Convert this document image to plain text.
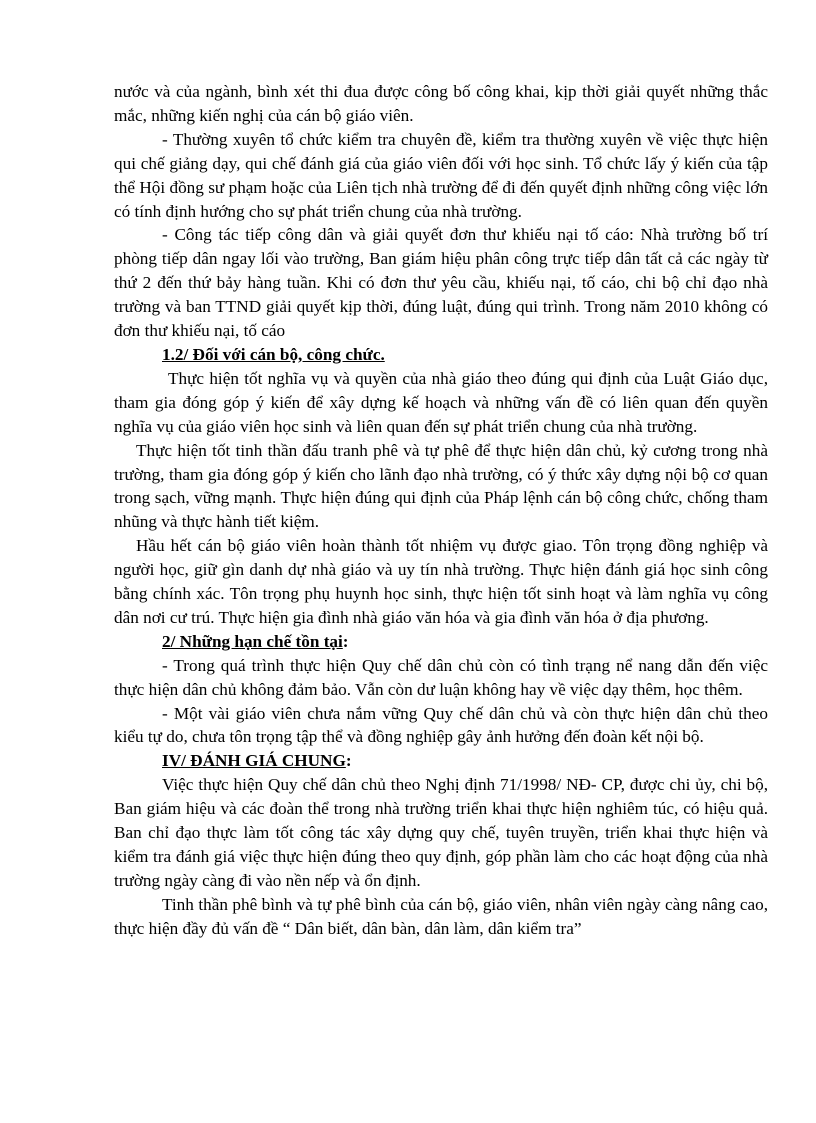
nước và của ngành, bình xét thi đua được công bố công khai, kịp thời giải quyết những thắc mắc, những kiến nghị của cán bộ giáo viên.

- Thường xuyên tổ chức kiểm tra chuyên đề, kiểm tra thường xuyên về việc thực hiện qui chế giảng dạy, qui chế đánh giá của giáo viên đối với học sinh. Tổ chức lấy ý kiến của tập thể Hội đồng sư phạm hoặc của Liên tịch nhà trường để đi đến quyết định những công việc lớn có tính định hướng cho sự phát triển chung của nhà trường.

- Công tác tiếp công dân và giải quyết đơn thư khiếu nại tố cáo: Nhà trường bố trí phòng tiếp dân ngay lối vào trường, Ban giám hiệu phân công trực tiếp dân tất cả các ngày từ thứ 2 đến thứ bảy hàng tuần. Khi có đơn thư yêu cầu, khiếu nại, tố cáo, chi bộ chỉ đạo nhà trường và ban TTND giải quyết kịp thời, đúng luật, đúng qui trình. Trong năm 2010 không có đơn thư khiếu nại, tố cáo

1.2/ Đối với cán bộ, công chức.

Thực hiện tốt nghĩa vụ và quyền của nhà giáo theo đúng qui định của Luật Giáo dục, tham gia đóng góp ý kiến để xây dựng kế hoạch và những vấn đề có liên quan đến quyền nghĩa vụ của giáo viên học sinh và liên quan đến sự phát triển chung của nhà trường.

Thực hiện tốt tinh thần đấu tranh phê và tự phê để thực hiện dân chủ, kỷ cương trong nhà trường, tham gia đóng góp ý kiến cho lãnh đạo nhà trường, có ý thức xây dựng nội bộ cơ quan trong sạch, vững mạnh. Thực hiện đúng qui định của Pháp lệnh cán bộ công chức, chống tham nhũng và thực hành tiết kiệm.

Hầu hết cán bộ giáo viên hoàn thành tốt nhiệm vụ được giao. Tôn trọng đồng nghiệp và người học, giữ gìn danh dự nhà giáo và uy tín nhà trường. Thực hiện đánh giá học sinh công bằng chính xác. Tôn trọng phụ huynh học sinh, thực hiện tốt sinh hoạt và làm nghĩa vụ công dân nơi cư trú. Thực hiện gia đình nhà giáo văn hóa và gia đình văn hóa ở địa phương.

2/ Những hạn chế tồn tại:

- Trong quá trình thực hiện Quy chế dân chủ còn có tình trạng nể nang dẫn đến việc thực hiện dân chủ không đảm bảo. Vẫn còn dư luận không hay về việc dạy thêm, học thêm.

- Một vài giáo viên chưa nắm vững Quy chế dân chủ và còn thực hiện dân chủ theo kiểu tự do, chưa tôn trọng tập thể và đồng nghiệp gây ảnh hưởng đến đoàn kết nội bộ.

IV/ ĐÁNH GIÁ CHUNG:

Việc thực hiện Quy chế dân chủ theo Nghị định 71/1998/ NĐ- CP, được chi ủy, chi bộ, Ban giám hiệu và các đoàn thể trong nhà trường triển khai thực hiện nghiêm túc, có hiệu quả. Ban chỉ đạo thực làm tốt công tác xây dựng quy chế, tuyên truyền, triển khai thực hiện và kiểm tra đánh giá việc thực hiện đúng theo quy định, góp phần làm cho các hoạt động của nhà trường ngày càng đi vào nền nếp và ổn định.

Tinh thần phê bình và tự phê bình của cán bộ, giáo viên, nhân viên ngày càng nâng cao, thực hiện đầy đủ vấn đề “ Dân biết, dân bàn, dân làm, dân kiểm tra”
